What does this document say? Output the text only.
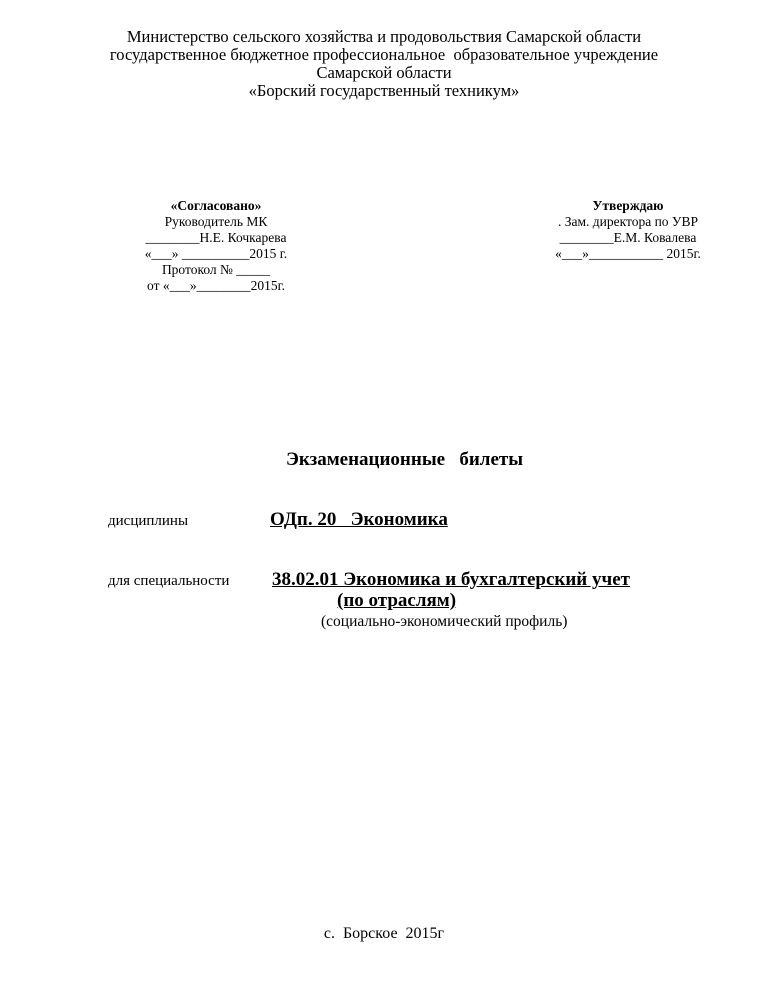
Министерство сельского хозяйства и продовольствия Самарской области
государственное бюджетное профессиональное  образовательное учреждение
Самарской области
«Борский государственный техникум»
«Согласовано»
Руководитель МК
________Н.Е. Кочкарева
«___» __________2015 г.
Протокол № _____
от «___»________2015г.
Утверждаю
. Зам. директора по УВР
________Е.М. Ковалева
«___»___________ 2015г.
Экзаменационные   билеты
дисциплины	ОДп. 20   Экономика
для специальности 38.02.01 Экономика и бухгалтерский учет
(по отраслям)
(социально-экономический профиль)
с.  Борское  2015г
